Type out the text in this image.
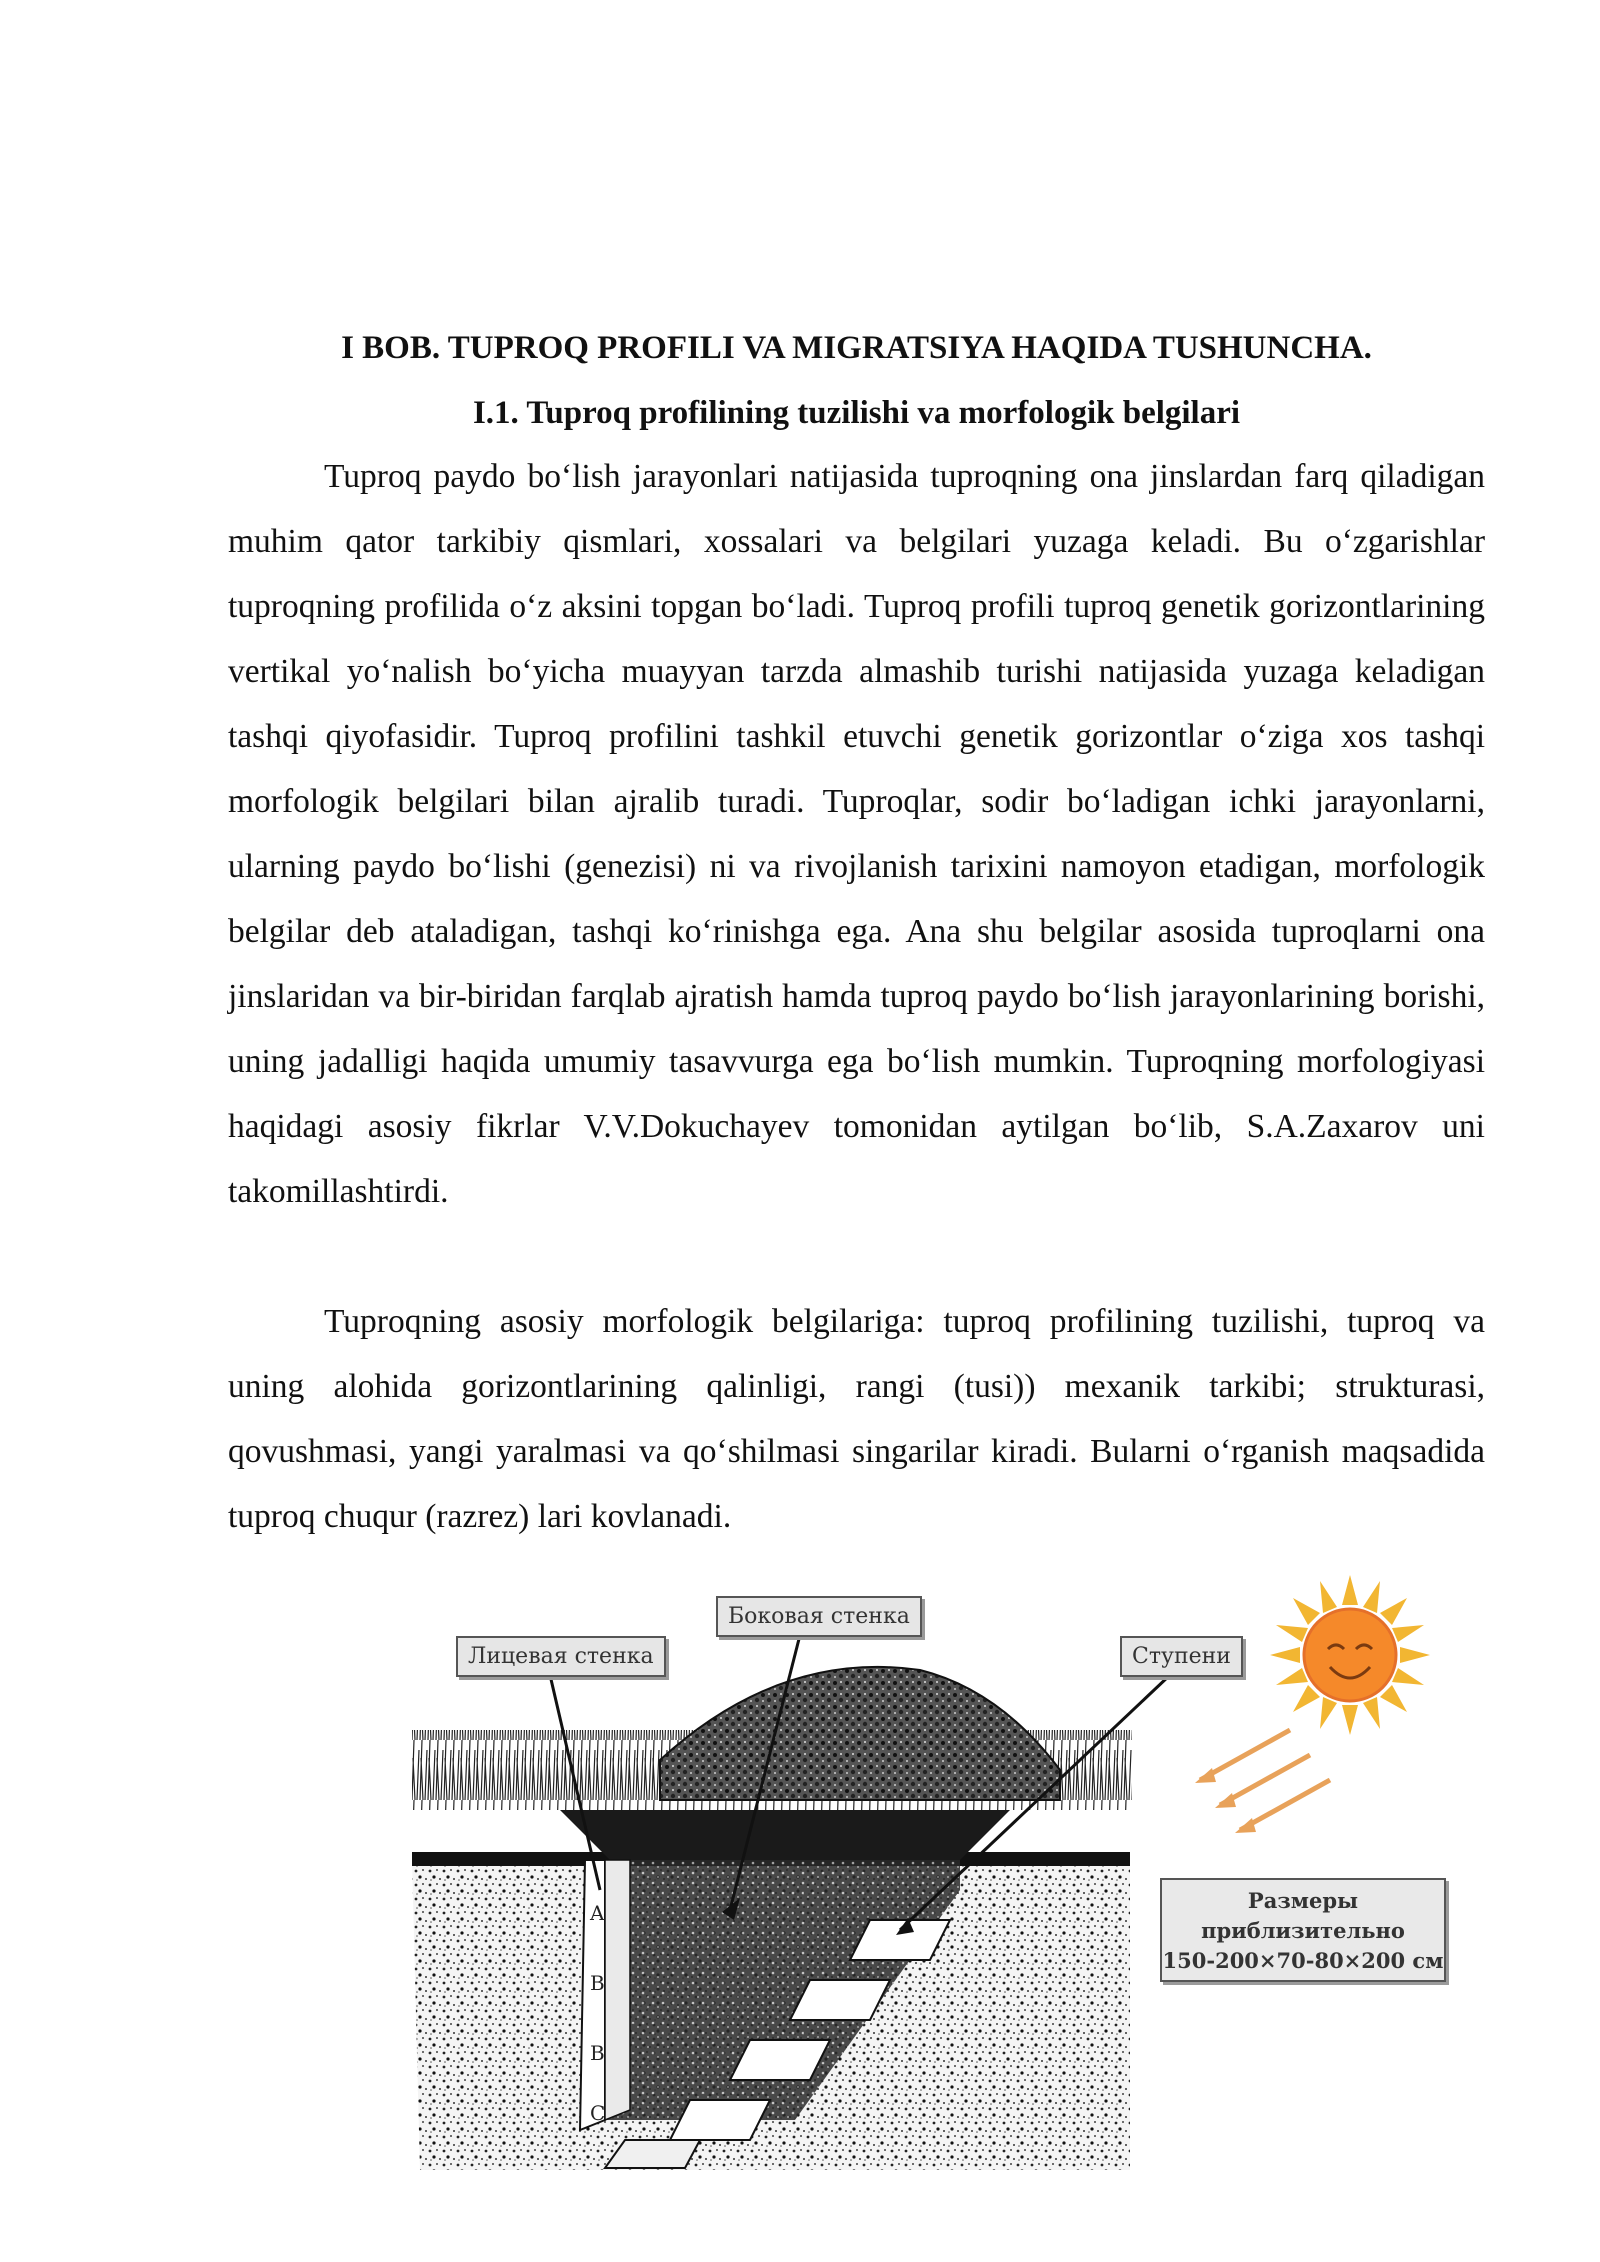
I BOB. TUPROQ PROFILI VA MIGRATSIYA HAQIDA TUSHUNCHA.
I.1. Tuproq profilining tuzilishi va morfologik belgilari

Tuproq paydo bo‘lish jarayonlari natijasida tuproqning ona jinslardan farq qiladigan muhim qator tarkibiy qismlari, xossalari va belgilari yuzaga keladi. Bu o‘zgarishlar tuproqning profilida o‘z aksini topgan bo‘ladi. Tuproq profili tuproq genetik gorizontlarining vertikal yo‘nalish bo‘yicha muayyan tarzda almashib turishi natijasida yuzaga keladigan tashqi qiyofasidir. Tuproq profilini tashkil etuvchi genetik gorizontlar o‘ziga xos tashqi morfologik belgilari bilan ajralib turadi. Tuproqlar, sodir bo‘ladigan ichki jarayonlarni, ularning paydo bo‘lishi (genezisi) ni va rivojlanish tarixini namoyon etadigan, morfologik belgilar deb ataladigan, tashqi ko‘rinishga ega. Ana shu belgilar asosida tuproqlarni ona jinslaridan va bir-biridan farqlab ajratish hamda tuproq paydo bo‘lish jarayonlarining borishi, uning jadalligi haqida umumiy tasavvurga ega bo‘lish mumkin. Tuproqning morfologiyasi haqidagi asosiy fikrlar V.V.Dokuchayev tomonidan aytilgan bo‘lib, S.A.Zaxarov uni takomillashtirdi.

Tuproqning asosiy morfologik belgilariga: tuproq profilining tuzilishi, tuproq va uning alohida gorizontlarining qalinligi, rangi (tusi)) mexanik tarkibi; strukturasi, qovushmasi, yangi yaralmasi va qo‘shilmasi singarilar kiradi. Bularni o‘rganish maqsadida tuproq chuqur (razrez) lari kovlanadi.

A
B
B
C
Лицевая стенка
Боковая стенка
Ступени
Размеры
приблизительно
150-200×70-80×200 см
